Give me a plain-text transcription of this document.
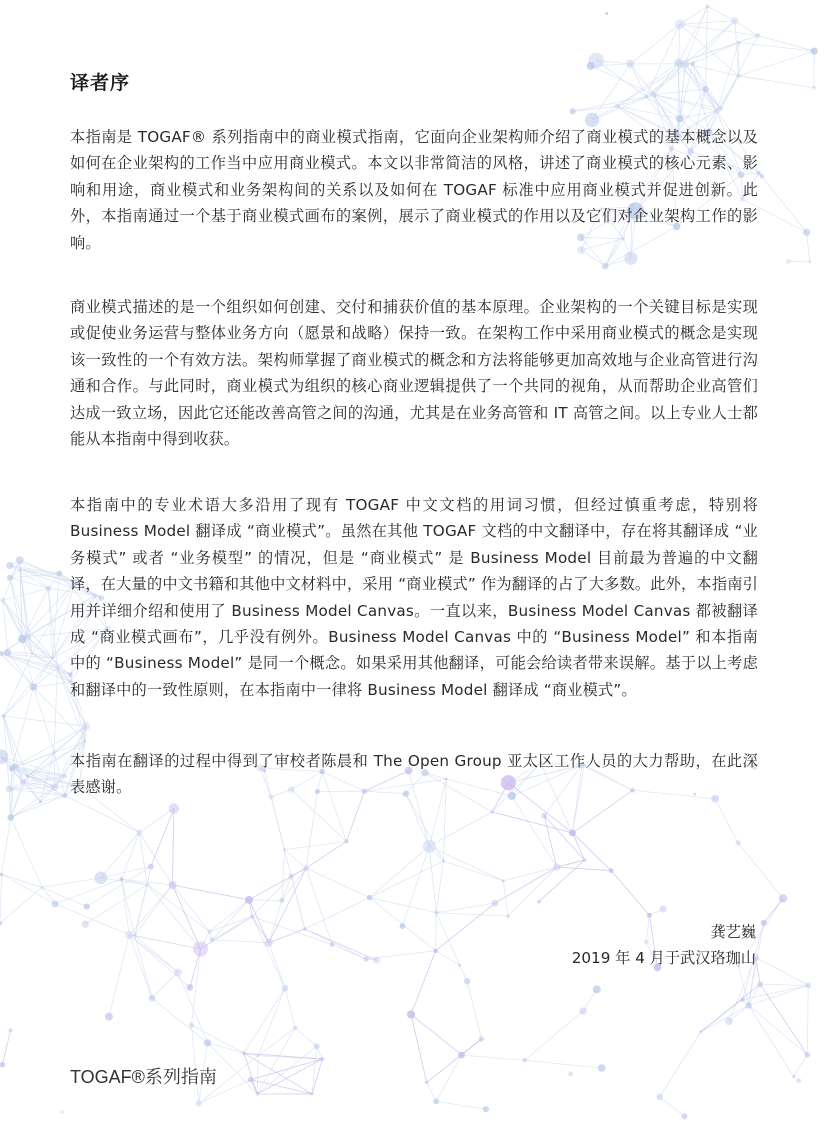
译者序

本指南是 TOGAF® 系列指南中的商业模式指南，它面向企业架构师介绍了商业模式的基本概念以及如何在企业架构的工作当中应用商业模式。本文以非常简洁的风格，讲述了商业模式的核心元素、影响和用途，商业模式和业务架构间的关系以及如何在 TOGAF 标准中应用商业模式并促进创新。此外，本指南通过一个基于商业模式画布的案例，展示了商业模式的作用以及它们对企业架构工作的影响。

商业模式描述的是一个组织如何创建、交付和捕获价值的基本原理。企业架构的一个关键目标是实现或促使业务运营与整体业务方向（愿景和战略）保持一致。在架构工作中采用商业模式的概念是实现该一致性的一个有效方法。架构师掌握了商业模式的概念和方法将能够更加高效地与企业高管进行沟通和合作。与此同时，商业模式为组织的核心商业逻辑提供了一个共同的视角，从而帮助企业高管们达成一致立场，因此它还能改善高管之间的沟通，尤其是在业务高管和 IT 高管之间。以上专业人士都能从本指南中得到收获。

本指南中的专业术语大多沿用了现有 TOGAF 中文文档的用词习惯，但经过慎重考虑，特别将 Business Model 翻译成 “商业模式”。虽然在其他 TOGAF 文档的中文翻译中，存在将其翻译成 “业务模式” 或者 “业务模型” 的情况，但是 “商业模式” 是 Business Model 目前最为普遍的中文翻译，在大量的中文书籍和其他中文材料中，采用 “商业模式” 作为翻译的占了大多数。此外，本指南引用并详细介绍和使用了 Business Model Canvas。一直以来，Business Model Canvas 都被翻译成 “商业模式画布”，几乎没有例外。Business Model Canvas 中的 “Business Model” 和本指南中的 “Business Model” 是同一个概念。如果采用其他翻译，可能会给读者带来误解。基于以上考虑和翻译中的一致性原则，在本指南中一律将 Business Model 翻译成 “商业模式”。

本指南在翻译的过程中得到了审校者陈晨和 The Open Group 亚太区工作人员的大力帮助，在此深表感谢。

龚艺巍
2019 年 4 月于武汉珞珈山
TOGAF®系列指南
